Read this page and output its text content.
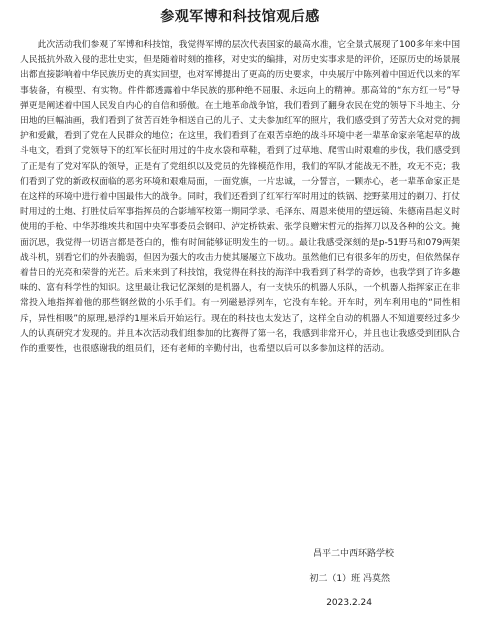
参观军博和科技馆观后感

此次活动我们参观了军博和科技馆，我觉得军博的层次代表国家的最高水准，它全景式展现了100多年来中国人民抵抗外敌入侵的悲壮史实，但是随着时刻的推移，对史实的编排，对历史实事求是的评价，还原历史的场景展出都直接影响着中华民族历史的真实回望，也对军博提出了更高的历史要求，中央展厅中陈列着中国近代以来的军事装备，有模型、有实物。件件都透露着中华民族的那种绝不屈服、永远向上的精神。那高耸的“东方红一号”导弹更是阐述着中国人民发自内心的自信和骄傲。在土地革命战争馆，我们看到了翻身农民在党的领导下斗地主、分田地的巨幅油画，我们看到了贫苦百姓争相送自己的儿子、丈夫参加红军的照片，我们感受到了劳苦大众对党的拥护和爱戴，看到了党在人民群众的地位；在这里，我们看到了在艰苦卓绝的战斗环境中老一辈革命家亲笔起草的战斗电文，看到了党领导下的红军长征时用过的牛皮水袋和草鞋，看到了过草地、爬雪山时艰难的步伐，我们感受到了正是有了党对军队的领导，正是有了党组织以及党员的先锋模范作用，我们的军队才能战无不胜，攻无不克；我们看到了党的新政权面临的恶劣环境和艰难局面，一面党旗，一片忠诚，一分誓言，一颗赤心，老一辈革命家正是在这样的环境中进行着中国最伟大的战争。同时，我们还看到了红军行军时用过的铁锅、挖野菜用过的剃刀、打仗时用过的土炮、打胜仗后军事指挥员的合影埔军校第一期同学录、毛泽东、周恩来使用的望远镜、朱德南昌起义时使用的手枪、中华苏维埃共和国中央军事委员会钢印、泸定桥铁索、张学良赠宋哲元的指挥刀以及各种的公文。掩面沉思，我觉得一切语言都是苍白的，惟有时间能够证明发生的一切。。最让我感受深刻的是p-51野马和079两架战斗机，别看它们的外表脆弱，但因为强大的攻击力使其屡屡立下战功。虽然他们已有很多年的历史，但依然保存着昔日的光亮和荣誉的光芒。后来来到了科技馆，我觉得在科技的海洋中我看到了科学的奇妙，也我学到了许多趣味的、富有科学性的知识。这里最让我记忆深刻的是机器人，有一支快乐的机器人乐队，一个机器人指挥家正在非常投入地指挥着他的那些钢丝做的小乐手们。有一列磁悬浮列车，它没有车轮。开车时，列车利用电的“同性相斥，异性相吸”的原理,悬浮约1厘米后开始运行。现在的科技也太发达了，这样全自动的机器人不知道要经过多少人的认真研究才发现的。并且本次活动我们组参加的比赛得了第一名，我感到非常开心，并且也让我感受到团队合作的重要性，也很感谢我的组员们，还有老师的辛勤付出，也希望以后可以多参加这样的活动。

昌平二中西环路学校
初二（1）班 冯莫然
2023.2.24
